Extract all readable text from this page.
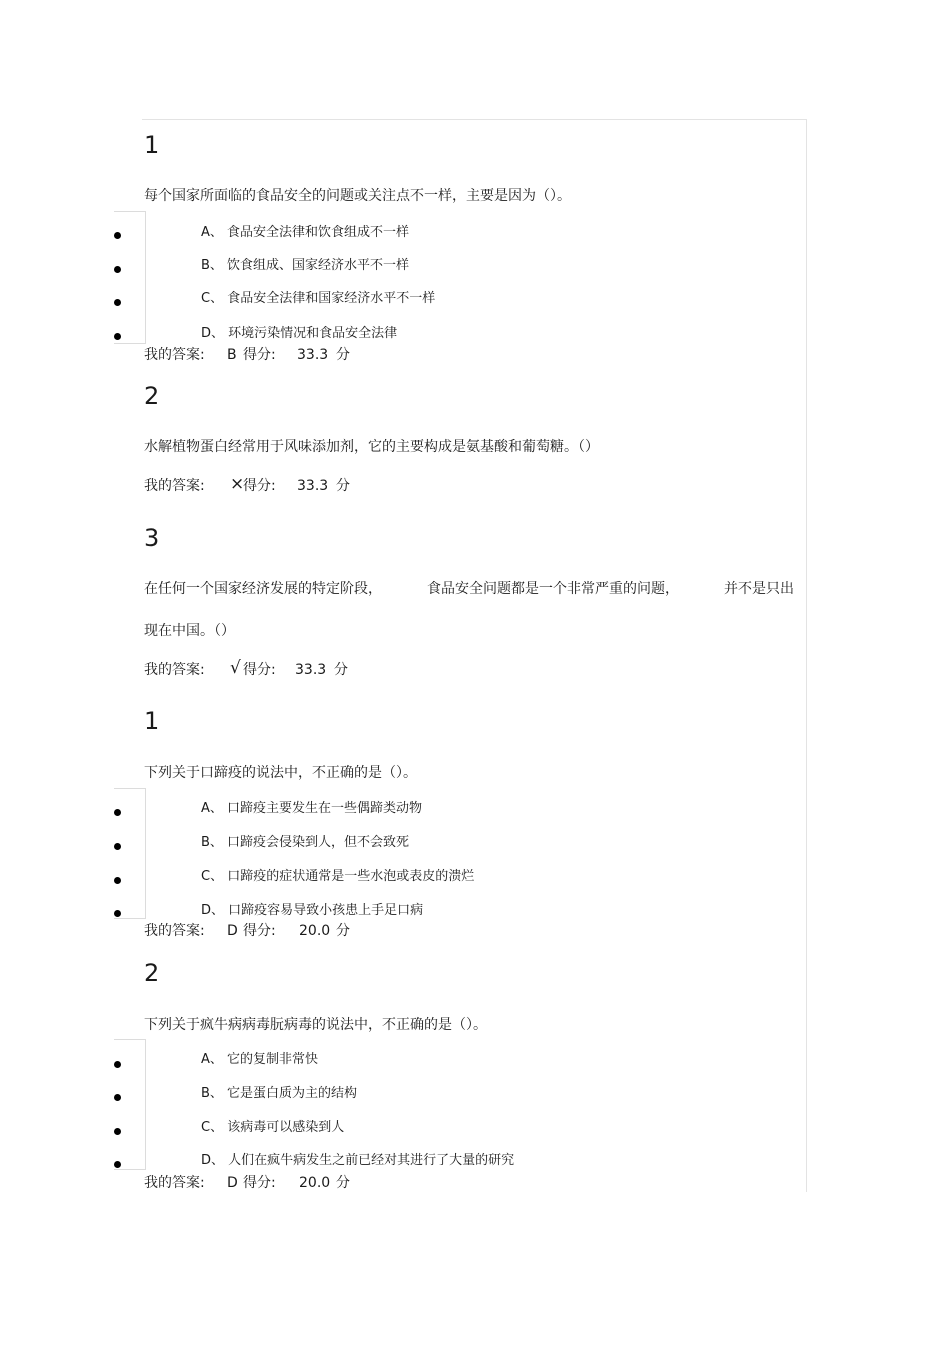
1
每个国家所面临的食品安全的问题或关注点不一样，主要是因为（）。
A、 食品安全法律和饮食组成不一样
B、 饮食组成、国家经济水平不一样
C、 食品安全法律和国家经济水平不一样
D、 环境污染情况和食品安全法律
我的答案: B 得分: 33.3 分
2
水解植物蛋白经常用于风味添加剂，它的主要构成是氨基酸和葡萄糖。（）
我的答案: ×
得分: 33.3 分
3
在任何一个国家经济发展的特定阶段，	食品安全问题都是一个非常严重的问题，	并不是只出
现在中国。（）
我的答案: √ 得分: 33.3 分
1
下列关于口蹄疫的说法中，不正确的是（）。
A、 口蹄疫主要发生在一些偶蹄类动物
B、 口蹄疫会侵染到人，但不会致死
C、 口蹄疫的症状通常是一些水泡或表皮的溃烂
D、 口蹄疫容易导致小孩患上手足口病
我的答案: D 得分: 20.0 分
2
下列关于疯牛病病毒朊病毒的说法中，不正确的是（）。
A、 它的复制非常快
B、 它是蛋白质为主的结构
C、 该病毒可以感染到人
D、 人们在疯牛病发生之前已经对其进行了大量的研究
我的答案: D 得分: 20.0 分
